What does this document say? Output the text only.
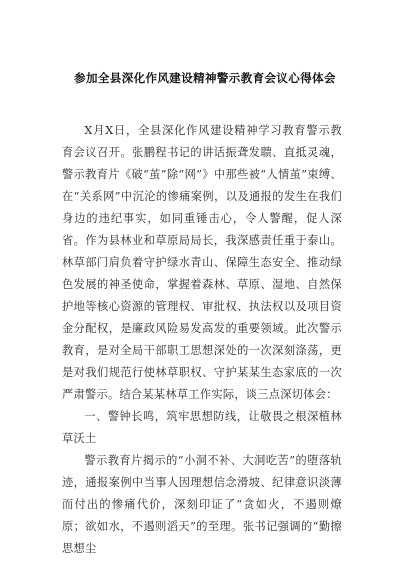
参加全县深化作风建设精神警示教育会议心得体会

X月X日，全县深化作风建设精神学习教育警示教育会议召开。张鹏程书记的讲话振聋发聩、直抵灵魂，警示教育片《破“茧”除“网”》中那些被“人情茧”束缚、在“关系网”中沉沦的惨痛案例，以及通报的发生在我们身边的违纪事实，如同重锤击心，令人警醒，促人深省。作为县林业和草原局局长，我深感责任重于泰山。林草部门肩负着守护绿水青山、保障生态安全、推动绿色发展的神圣使命，掌握着森林、草原、湿地、自然保护地等核心资源的管理权、审批权、执法权以及项目资金分配权，是廉政风险易发高发的重要领域。此次警示教育，是对全局干部职工思想深处的一次深刻涤荡，更是对我们规范行使林草职权、守护某某生态家底的一次严肃警示。结合某某林草工作实际，谈三点深切体会：

一、警钟长鸣，筑牢思想防线，让敬畏之根深植林草沃土

警示教育片揭示的“小洞不补、大洞吃苦”的堕落轨迹，通报案例中当事人因理想信念滑坡、纪律意识淡薄而付出的惨痛代价，深刻印证了“贪如火，不遏则燎原；欲如水，不遏则滔天”的至理。张书记强调的“勤擦思想尘
